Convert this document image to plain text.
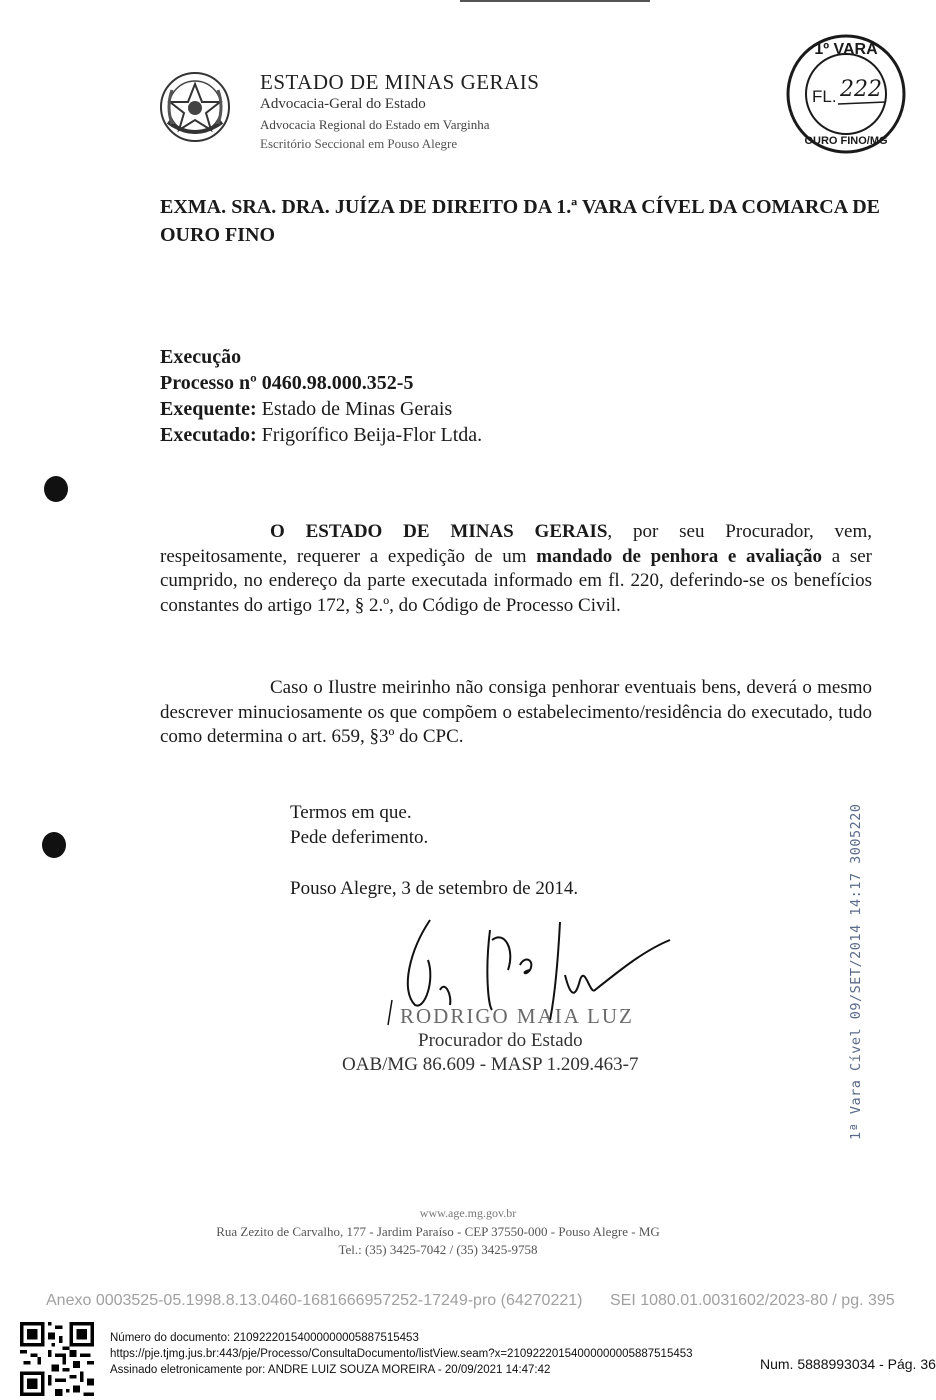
ESTADO DE MINAS GERAIS
Advocacia-Geral do Estado
Advocacia Regional do Estado em Varginha
Escritório Seccional em Pouso Alegre
1º VARA
FL. 222
OURO FINO/MG
EXMA. SRA. DRA. JUÍZA DE DIREITO DA 1.ª VARA CÍVEL DA COMARCA DE OURO FINO
Execução
Processo nº 0460.98.000.352-5
Exequente: Estado de Minas Gerais
Executado: Frigorífico Beija-Flor Ltda.
O ESTADO DE MINAS GERAIS, por seu Procurador, vem, respeitosamente, requerer a expedição de um mandado de penhora e avaliação a ser cumprido, no endereço da parte executada informado em fl. 220, deferindo-se os benefícios constantes do artigo 172, § 2.º, do Código de Processo Civil.
Caso o Ilustre meirinho não consiga penhorar eventuais bens, deverá o mesmo descrever minuciosamente os que compõem o estabelecimento/residência do executado, tudo como determina o art. 659, §3º do CPC.
Termos em que.
Pede deferimento.
Pouso Alegre, 3 de setembro de 2014.
RODRIGO MAIA LUZ
Procurador do Estado
OAB/MG 86.609 - MASP 1.209.463-7	1ª Vara Cível 09/SET/2014 14:17 3005220
www.age.mg.gov.br
Rua Zezito de Carvalho, 177 - Jardim Paraíso - CEP 37550-000 - Pouso Alegre - MG
Tel.: (35) 3425-7042 / (35) 3425-9758
Anexo 0003525-05.1998.8.13.0460-1681666957252-17249-pro (64270221) SEI 1080.01.0031602/2023-80 / pg. 395
Número do documento: 21092220154000000005887515453
https://pje.tjmg.jus.br:443/pje/Processo/ConsultaDocumento/listView.seam?x=21092220154000000005887515453
Assinado eletronicamente por: ANDRE LUIZ SOUZA MOREIRA - 20/09/2021 14:47:42	Num. 5888993034 - Pág. 36
